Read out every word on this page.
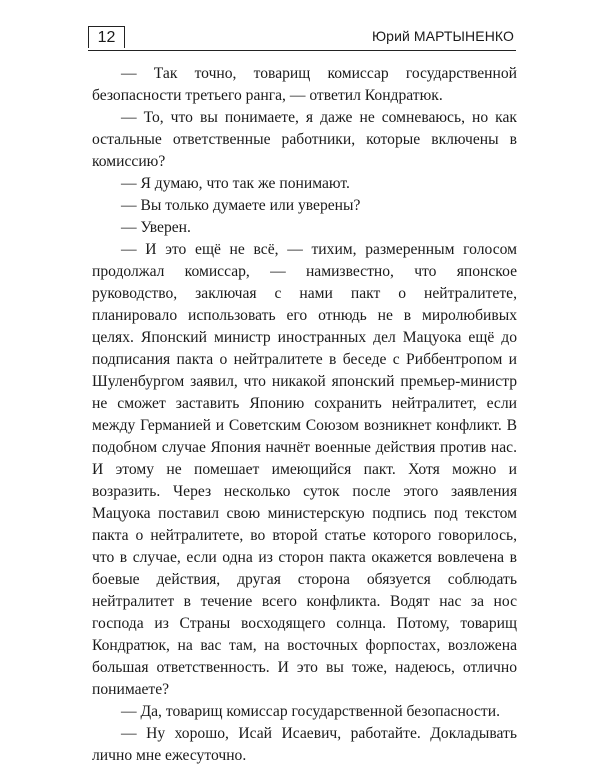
12	Юрий МАРТЫНЕНКО

— Так точно, товарищ комиссар государственной безопасности третьего ранга, — ответил Кондратюк.

— То, что вы понимаете, я даже не сомневаюсь, но как остальные ответственные работники, которые включены в комиссию?

— Я думаю, что так же понимают.

— Вы только думаете или уверены?

— Уверен.

— И это ещё не всё, — тихим, размеренным голосом продолжал комиссар, — намизвестно, что японское руководство, заключая с нами пакт о нейтралитете, планировало использовать его отнюдь не в миролюбивых целях. Японский министр иностранных дел Мацуока ещё до подписания пакта о нейтралитете в беседе с Риббентропом и Шуленбургом заявил, что никакой японский премьер-министр не сможет заставить Японию сохранить нейтралитет, если между Германией и Советским Союзом возникнет конфликт. В подобном случае Япония начнёт военные действия против нас. И этому не помешает имеющийся пакт. Хотя можно и возразить. Через несколько суток после этого заявления Мацуока поставил свою министерскую подпись под текстом пакта о нейтралитете, во второй статье которого говорилось, что в случае, если одна из сторон пакта окажется вовлечена в боевые действия, другая сторона обязуется соблюдать нейтралитет в течение всего конфликта. Водят нас за нос господа из Страны восходящего солнца. Потому, товарищ Кондратюк, на вас там, на восточных форпостах, возложена большая ответственность. И это вы тоже, надеюсь, отлично понимаете?

— Да, товарищ комиссар государственной безопасности.

— Ну хорошо, Исай Исаевич, работайте. Докладывать лично мне ежесуточно.
